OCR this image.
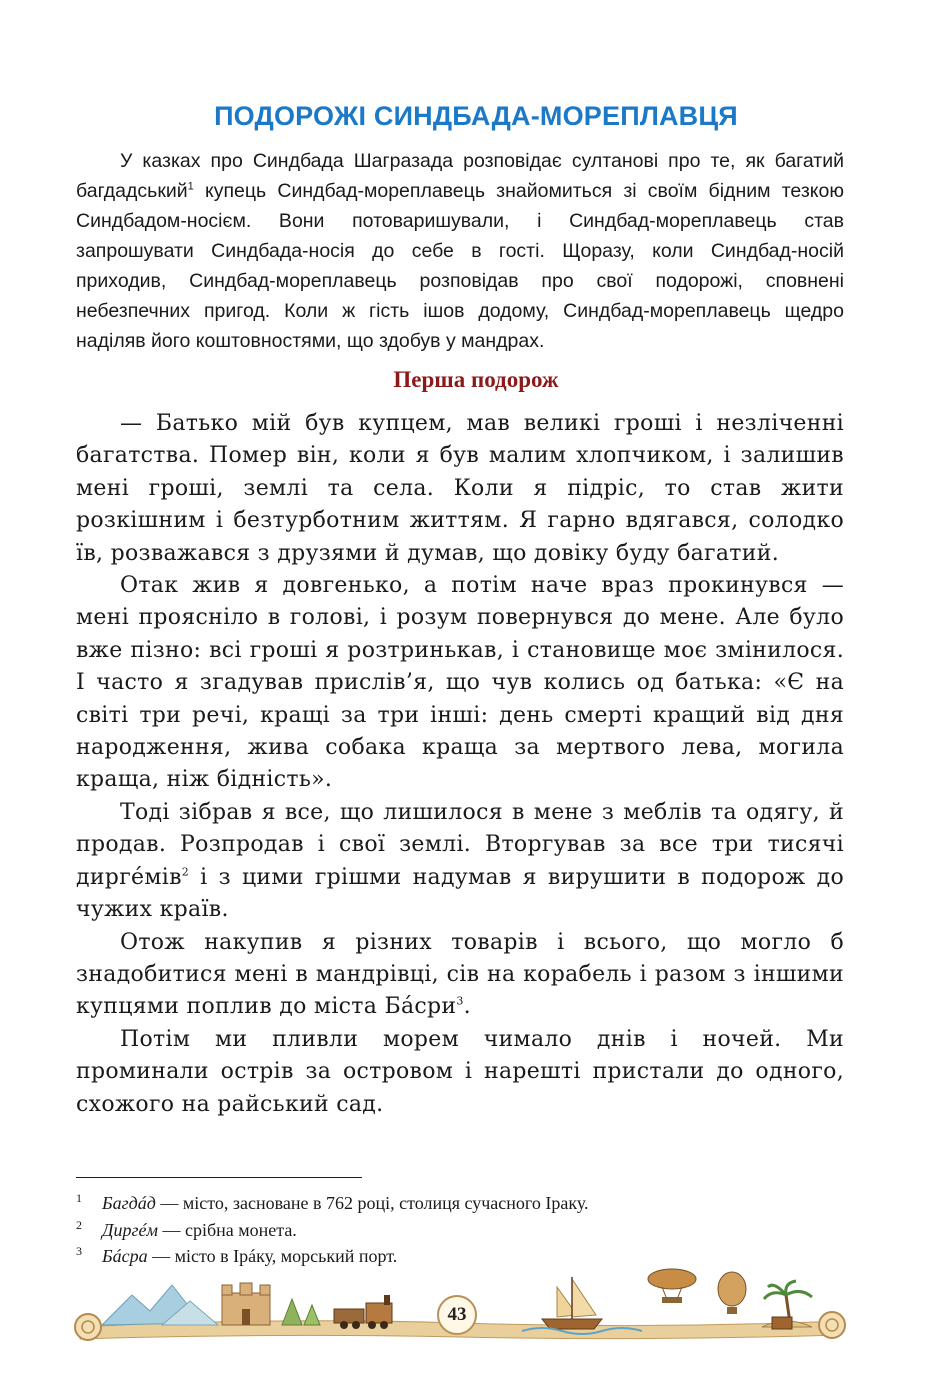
ПОДОРОЖІ СИНДБАДА-МОРЕПЛАВЦЯ

У казках про Синдбада Шагразада розповідає султанові про те, як багатий багдадський$^1$ купець Синдбад-мореплавець знайомиться зі своїм бідним тезкою Синдбадом-носієм. Вони потоваришували, і Синдбад-мореплавець став запрошувати Синдбада-носія до себе в гості. Щоразу, коли Синдбад-носій приходив, Синдбад-мореплавець розповідав про свої подорожі, сповнені небезпечних пригод. Коли ж гість ішов додому, Синдбад-мореплавець щедро наділяв його коштовностями, що здобув у мандрах.

Перша подорож

— Батько мій був купцем, мав великі гроші і незліченні багатства. Помер він, коли я був малим хлопчиком, і залишив мені гроші, землі та села. Коли я підріс, то став жити розкішним і безтурботним життям. Я гарно вдягався, солодко їв, розважався з друзями й думав, що довіку буду багатий.

Отак жив я довгенько, а потім наче враз прокинувся — мені прояснiло в голові, і розум повернувся до мене. Але було вже пізно: всі гроші я розтринькав, і становище моє змінилося. І часто я згадував прислів’я, що чув колись од батька: «Є на світі три речі, кращі за три інші: день смерті кращий від дня народження, жива собака краща за мертвого лева, могила краща, ніж бідність».

Тоді зібрав я все, що лишилося в мене з меблів та одягу, й продав. Розпродав і свої землі. Вторгував за все три тисячі диргéмів$^2$ і з цими грішми надумав я вирушити в подорож до чужих країв.

Отож накупив я різних товарів і всього, що могло б знадобитися мені в мандрівці, сів на корабель і разом з іншими купцями поплив до міста Бáсри$^3$.

Потім ми пливли морем чимало днів і ночей. Ми проминали острів за островом і нарешті пристали до одного, схожого на райський сад.

1	Багдáд — місто, засноване в 762 році, столиця сучасного Іраку.
2	Диргéм — срібна монета.
3	Бáсра — місто в Ірáку, морський порт.
43
